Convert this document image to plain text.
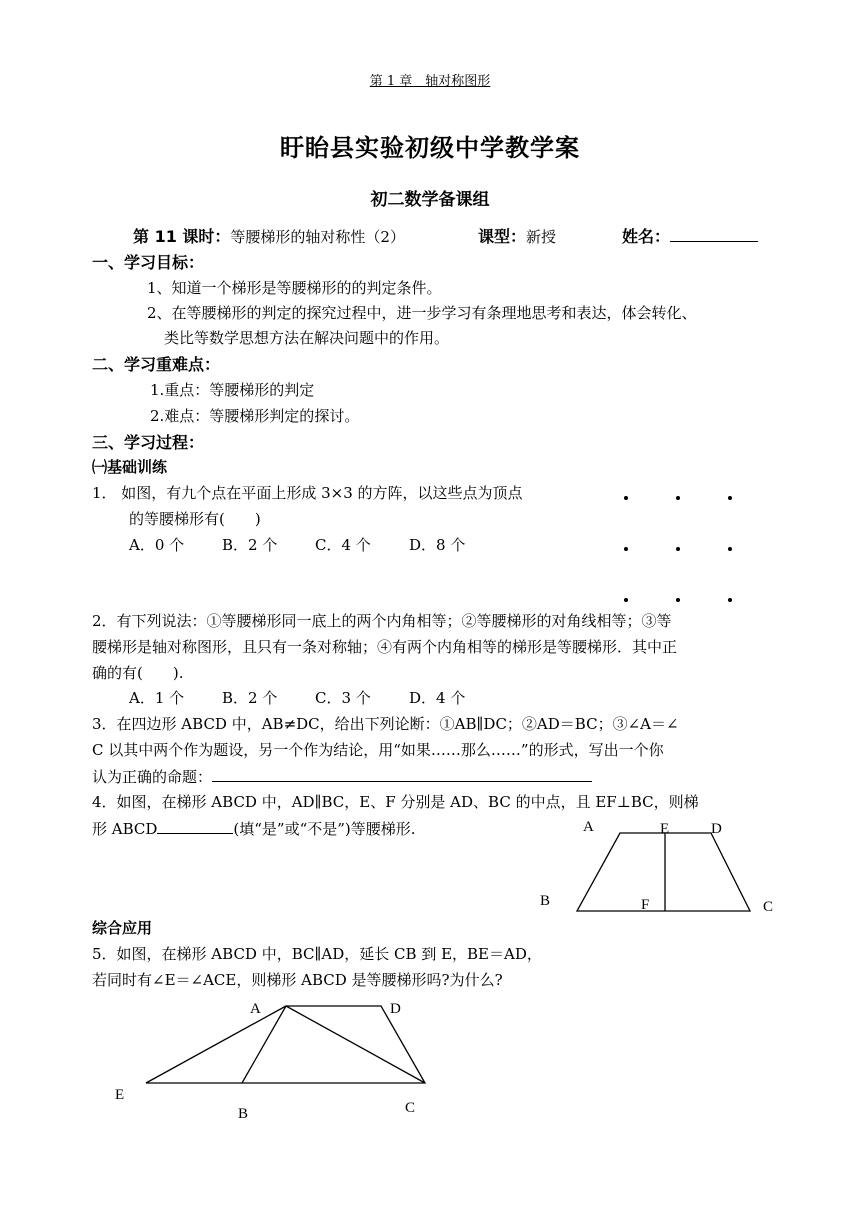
第 1 章　轴对称图形
盱眙县实验初级中学教学案
初二数学备课组
第 11 课时：等腰梯形的轴对称性（2）	课型：新授	姓名：
一、学习目标：
1、知道一个梯形是等腰梯形的的判定条件。
2、在等腰梯形的判定的探究过程中，进一步学习有条理地思考和表达，体会转化、
类比等数学思想方法在解决问题中的作用。
二、学习重难点：
1.重点：等腰梯形的判定
2.难点：等腰梯形判定的探讨。
三、学习过程：
㈠基础训练
1． 如图，有九个点在平面上形成 3×3 的方阵，以这些点为顶点
的等腰梯形有(　　)
A．0 个	B．2 个	C．4 个	D．8 个
2．有下列说法：①等腰梯形同一底上的两个内角相等；②等腰梯形的对角线相等；③等
腰梯形是轴对称图形，且只有一条对称轴；④有两个内角相等的梯形是等腰梯形．其中正
确的有(　　).
A．1 个	B．2 个	C．3 个	D．4 个
3．在四边形 ABCD 中，AB≠DC，给出下列论断：①AB∥DC；②AD＝BC；③∠A＝∠
C 以其中两个作为题设，另一个作为结论，用“如果……那么……”的形式，写出一个你
认为正确的命题：
4．如图，在梯形 ABCD 中，AD∥BC，E、F 分别是 AD、BC 的中点，且 EF⊥BC，则梯
形 ABCD	(填“是”或“不是”)等腰梯形.	A	E	D
B	F	C
综合应用
5．如图，在梯形 ABCD 中，BC∥AD，延长 CB 到 E，BE＝AD，
若同时有∠E＝∠ACE，则梯形 ABCD 是等腰梯形吗?为什么?
A	D
E
B	C
